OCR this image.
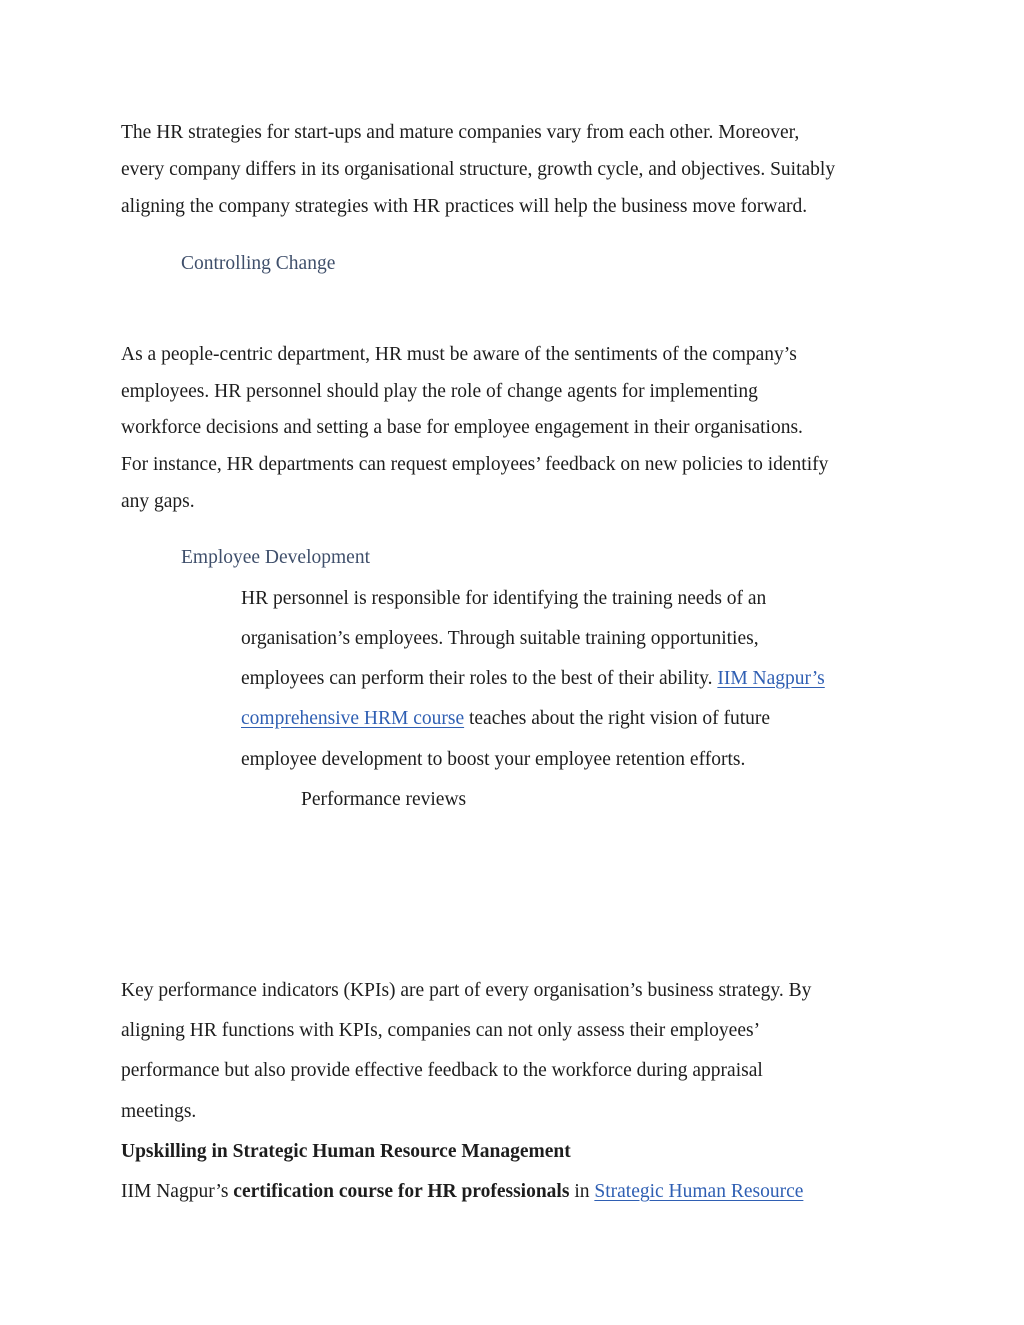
The HR strategies for start-ups and mature companies vary from each other. Moreover,
every company differs in its organisational structure, growth cycle, and objectives. Suitably
aligning the company strategies with HR practices will help the business move forward.
Controlling Change
As a people-centric department, HR must be aware of the sentiments of the company’s
employees. HR personnel should play the role of change agents for implementing
workforce decisions and setting a base for employee engagement in their organisations.
For instance, HR departments can request employees’ feedback on new policies to identify
any gaps.
Employee Development
HR personnel is responsible for identifying the training needs of an
organisation’s employees. Through suitable training opportunities,
employees can perform their roles to the best of their ability. IIM Nagpur’s
comprehensive HRM course teaches about the right vision of future
employee development to boost your employee retention efforts.
Performance reviews
Key performance indicators (KPIs) are part of every organisation’s business strategy. By
aligning HR functions with KPIs, companies can not only assess their employees’
performance but also provide effective feedback to the workforce during appraisal
meetings.
Upskilling in Strategic Human Resource Management
IIM Nagpur’s certification course for HR professionals in Strategic Human Resource
